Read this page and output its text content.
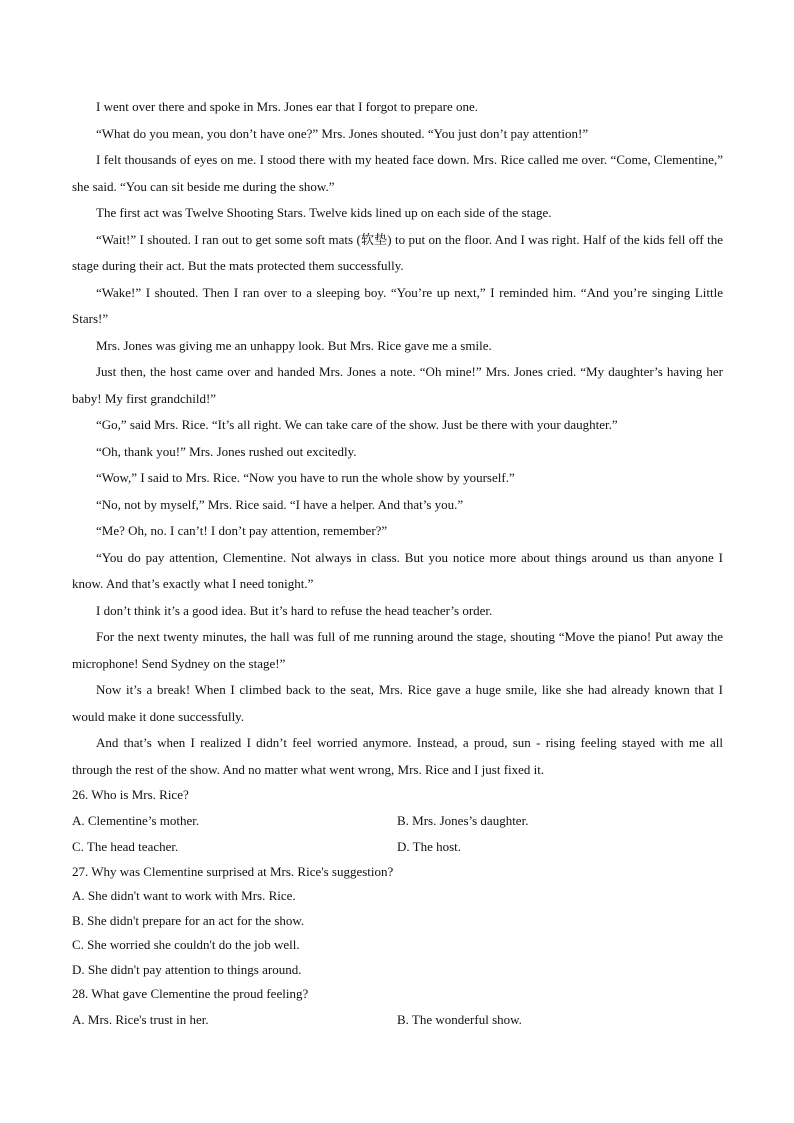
I went over there and spoke in Mrs. Jones ear that I forgot to prepare one.

“What do you mean, you don’t have one?” Mrs. Jones shouted. “You just don’t pay attention!”

I felt thousands of eyes on me. I stood there with my heated face down. Mrs. Rice called me over. “Come, Clementine,” she said. “You can sit beside me during the show.”

The first act was Twelve Shooting Stars. Twelve kids lined up on each side of the stage.

“Wait!” I shouted. I ran out to get some soft mats (软垫) to put on the floor. And I was right. Half of the kids fell off the stage during their act. But the mats protected them successfully.

“Wake!” I shouted. Then I ran over to a sleeping boy. “You’re up next,” I reminded him. “And you’re singing Little Stars!”

Mrs. Jones was giving me an unhappy look. But Mrs. Rice gave me a smile.

Just then, the host came over and handed Mrs. Jones a note. “Oh mine!” Mrs. Jones cried. “My daughter’s having her baby! My first grandchild!”

“Go,” said Mrs. Rice. “It’s all right. We can take care of the show. Just be there with your daughter.”

“Oh, thank you!” Mrs. Jones rushed out excitedly.

“Wow,” I said to Mrs. Rice. “Now you have to run the whole show by yourself.”

“No, not by myself,” Mrs. Rice said. “I have a helper. And that’s you.”

“Me? Oh, no. I can’t! I don’t pay attention, remember?”

“You do pay attention, Clementine. Not always in class. But you notice more about things around us than anyone I know. And that’s exactly what I need tonight.”

I don’t think it’s a good idea. But it’s hard to refuse the head teacher’s order.

For the next twenty minutes, the hall was full of me running around the stage, shouting “Move the piano! Put away the microphone! Send Sydney on the stage!”

Now it’s a break! When I climbed back to the seat, Mrs. Rice gave a huge smile, like she had already known that I would make it done successfully.

And that’s when I realized I didn’t feel worried anymore. Instead, a proud, sun - rising feeling stayed with me all through the rest of the show. And no matter what went wrong, Mrs. Rice and I just fixed it.

26. Who is Mrs. Rice?

A. Clementine’s mother.	B. Mrs. Jones’s daughter.
C. The head teacher.	D. The host.

27. Why was Clementine surprised at Mrs. Rice's suggestion?

A. She didn't want to work with Mrs. Rice.

B. She didn't prepare for an act for the show.

C. She worried she couldn't do the job well.

D. She didn't pay attention to things around.

28. What gave Clementine the proud feeling?

A. Mrs. Rice's trust in her.	B. The wonderful show.
